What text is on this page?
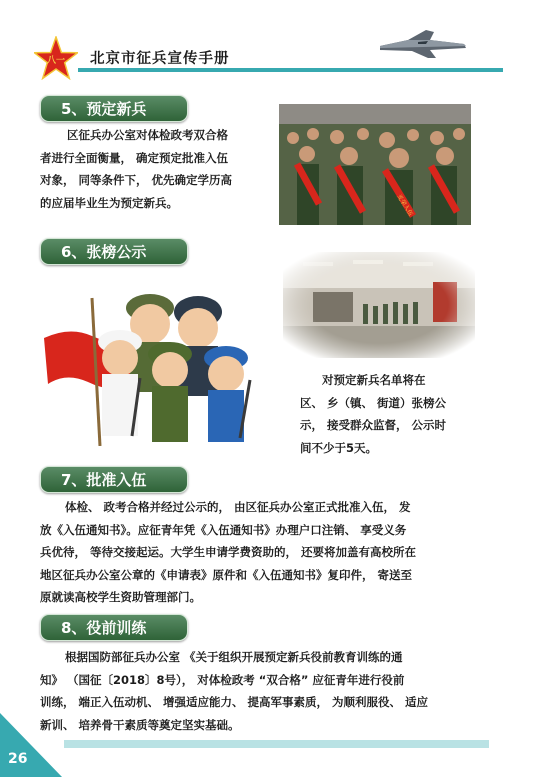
八一 北京市征兵宣传手册
5、预定新兵
区征兵办公室对体检政考双合格
者进行全面衡量， 确定预定批准入伍
对象， 同等条件下， 优先确定学历高
的应届毕业生为预定新兵。	光荣入伍
6、张榜公示
对预定新兵名单将在
区、 乡（镇、 街道）张榜公
示， 接受群众监督， 公示时
间不少于5天。
7、批准入伍
体检、 政考合格并经过公示的， 由区征兵办公室正式批准入伍， 发
放《入伍通知书》。应征青年凭《入伍通知书》办理户口注销、 享受义务
兵优待， 等待交接起运。大学生申请学费资助的， 还要将加盖有高校所在
地区征兵办公室公章的《申请表》原件和《入伍通知书》复印件， 寄送至
原就读高校学生资助管理部门。
8、役前训练
根据国防部征兵办公室 《关于组织开展预定新兵役前教育训练的通
知》 （国征〔2018〕8号）， 对体检政考 “双合格” 应征青年进行役前
训练， 端正入伍动机、 增强适应能力、 提高军事素质， 为顺利服役、 适应
新训、 培养骨干素质等奠定坚实基础。
26
